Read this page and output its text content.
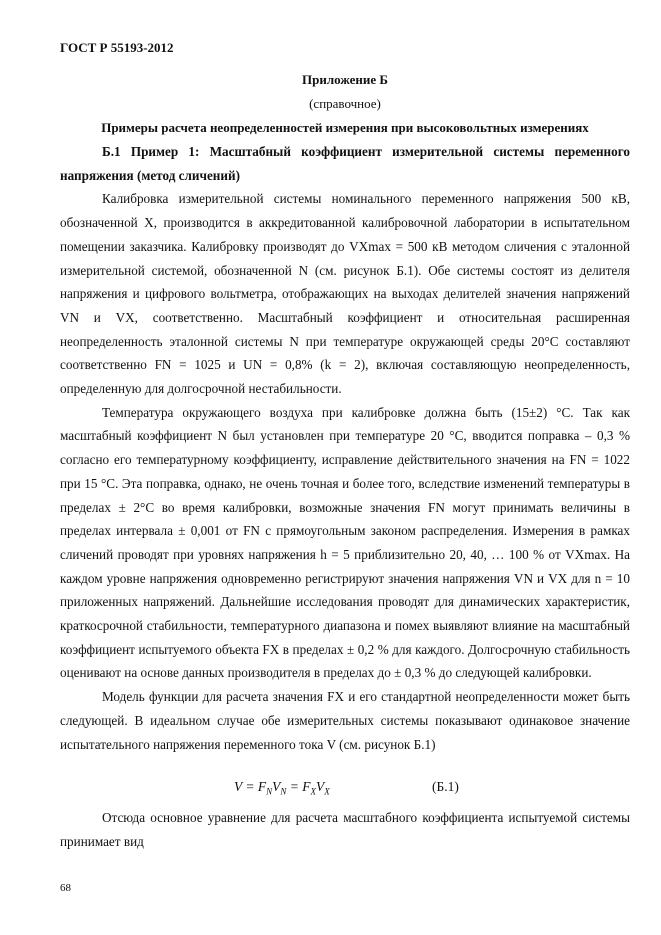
ГОСТ Р 55193-2012
Приложение Б
(справочное)
Примеры расчета неопределенностей измерения при высоковольтных измерениях

Б.1 Пример 1: Масштабный коэффициент измерительной системы переменного напряжения (метод сличений)

Калибровка измерительной системы номинального переменного напряжения 500 кВ, обозначенной X, производится в аккредитованной калибровочной лаборатории в испытательном помещении заказчика. Калибровку производят до VXmax = 500 кВ методом сличения с эталонной измерительной системой, обозначенной N (см. рисунок Б.1). Обе системы состоят из делителя напряжения и цифрового вольтметра, отображающих на выходах делителей значения напряжений VN и VX, соответственно. Масштабный коэффициент и относительная расширенная неопределенность эталонной системы N при температуре окружающей среды 20°C составляют соответственно FN = 1025 и UN = 0,8% (k = 2), включая составляющую неопределенность, определенную для долгосрочной нестабильности.

Температура окружающего воздуха при калибровке должна быть (15±2) °C. Так как масштабный коэффициент N был установлен при температуре 20 °C, вводится поправка – 0,3 % согласно его температурному коэффициенту, исправление действительного значения на FN = 1022 при 15 °C. Эта поправка, однако, не очень точная и более того, вследствие изменений температуры в пределах ± 2°C во время калибровки, возможные значения FN могут принимать величины в пределах интервала ± 0,001 от FN с прямоугольным законом распределения. Измерения в рамках сличений проводят при уровнях напряжения h = 5 приблизительно 20, 40, … 100 % от VXmax. На каждом уровне напряжения одновременно регистрируют значения напряжения VN и VX для n = 10 приложенных напряжений. Дальнейшие исследования проводят для динамических характеристик, краткосрочной стабильности, температурного диапазона и помех выявляют влияние на масштабный коэффициент испытуемого объекта FX в пределах ± 0,2 % для каждого. Долгосрочную стабильность оценивают на основе данных производителя в пределах до ± 0,3 % до следующей калибровки.

Модель функции для расчета значения FX и его стандартной неопределенности может быть следующей. В идеальном случае обе измерительных системы показывают одинаковое значение испытательного напряжения переменного тока V (см. рисунок Б.1)

$V = F_NV_N = F_XV_X$	(Б.1)

Отсюда основное уравнение для расчета масштабного коэффициента испытуемой системы принимает вид

68
